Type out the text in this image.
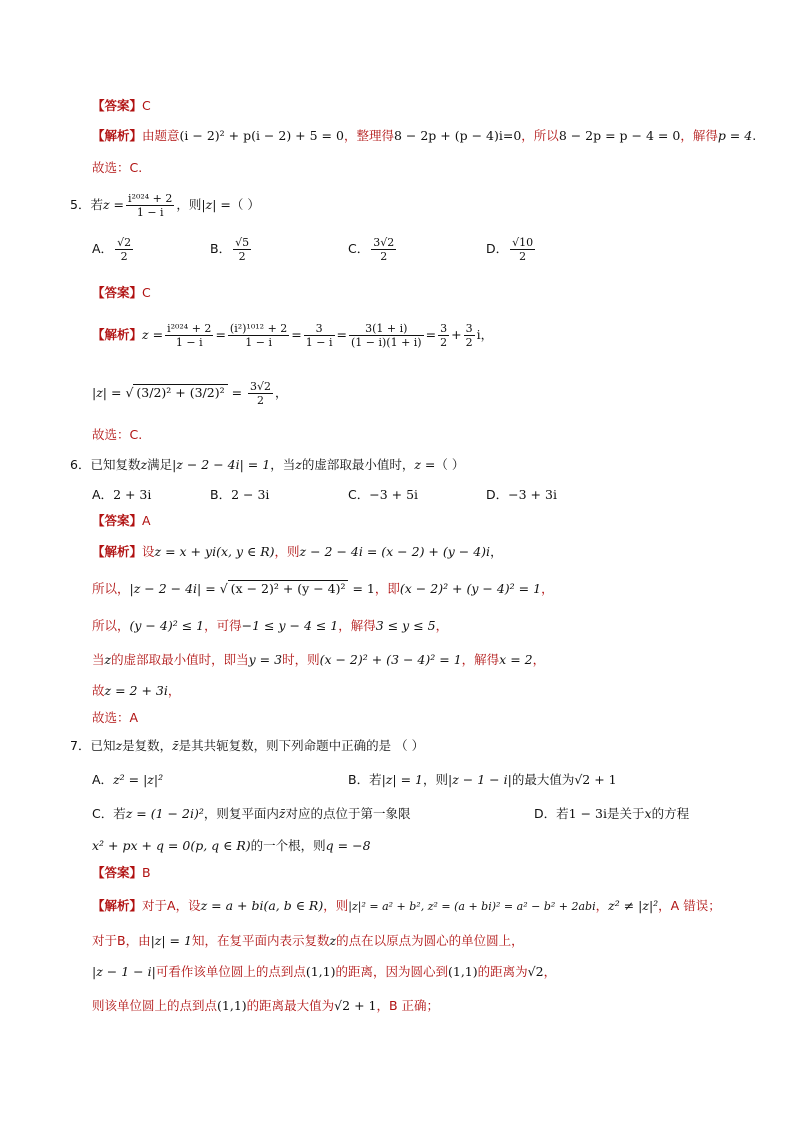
【答案】C
【解析】由题意(i − 2)² + p(i − 2) + 5 = 0，整理得8 − 2p + (p − 4)i=0，所以8 − 2p = p − 4 = 0，解得p = 4.
故选：C.
5．若$z = \frac{\text{i²⁰²⁴ + 2}}{1 - i}$ ，则|z| =（ ）
A． $\frac{√2}{2}$	B． $\frac{√5}{2}$	C． $\frac{3√2}{2}$	D． $\frac{√10}{2}$
【答案】C
【解析】$z = \frac{\text{i²⁰²⁴ + 2}}{1 - i} = \frac{\text{(i²)¹⁰¹² + 2}}{1 - i} = \frac{3}{1 - i} = \frac{3(1 + i)}{(1 - i)(1 + i)} = \frac{3}{2} + \frac{3}{2}$ i，
|z| = √ $(3/2)^2 + (3/2)^2 = \frac{3√2}{2}$ ，
故选：C.
6．已知复数z满足|z − 2 − 4i| = 1，当z的虚部取最小值时，z =（ ）
A．2 + 3i	B．2 − 3i	C．−3 + 5i	D．−3 + 3i
【答案】A
【解析】设z = x + yi(x, y ∈ R)，则z − 2 − 4i = (x − 2) + (y − 4)i，
所以，|z − 2 − 4i| = √ (x − 2)² + (y − 4)² = 1，即(x − 2)² + (y − 4)² = 1，
所以，(y − 4)² ≤ 1，可得−1 ≤ y − 4 ≤ 1，解得3 ≤ y ≤ 5，
当z的虚部取最小值时，即当y = 3时，则(x − 2)² + (3 − 4)² = 1，解得x = 2，
故z = 2 + 3i，
故选：A
7．已知z是复数，z̄是其共轭复数，则下列命题中正确的是 （ ）
A．z² = |z|²	B．若|z| = 1，则|z − 1 − i|的最大值为√2 + 1
C．若z = (1 − 2i)²，则复平面内z̄对应的点位于第一象限	D．若1 − 3i是关于x的方程
x² + px + q = 0(p, q ∈ R)的一个根，则q = −8
【答案】B
【解析】对于A，设z = a + bi(a, b ∈ R)，则|z|² = a² + b², z² = (a + bi)² = a² − b² + 2abi，z² ≠ |z|²，A 错误；
对于B，由|z| = 1知，在复平面内表示复数z的点在以原点为圆心的单位圆上，
|z − 1 − i|可看作该单位圆上的点到点(1,1)的距离，因为圆心到(1,1)的距离为√2，
则该单位圆上的点到点(1,1)的距离最大值为√2 + 1，B 正确；
